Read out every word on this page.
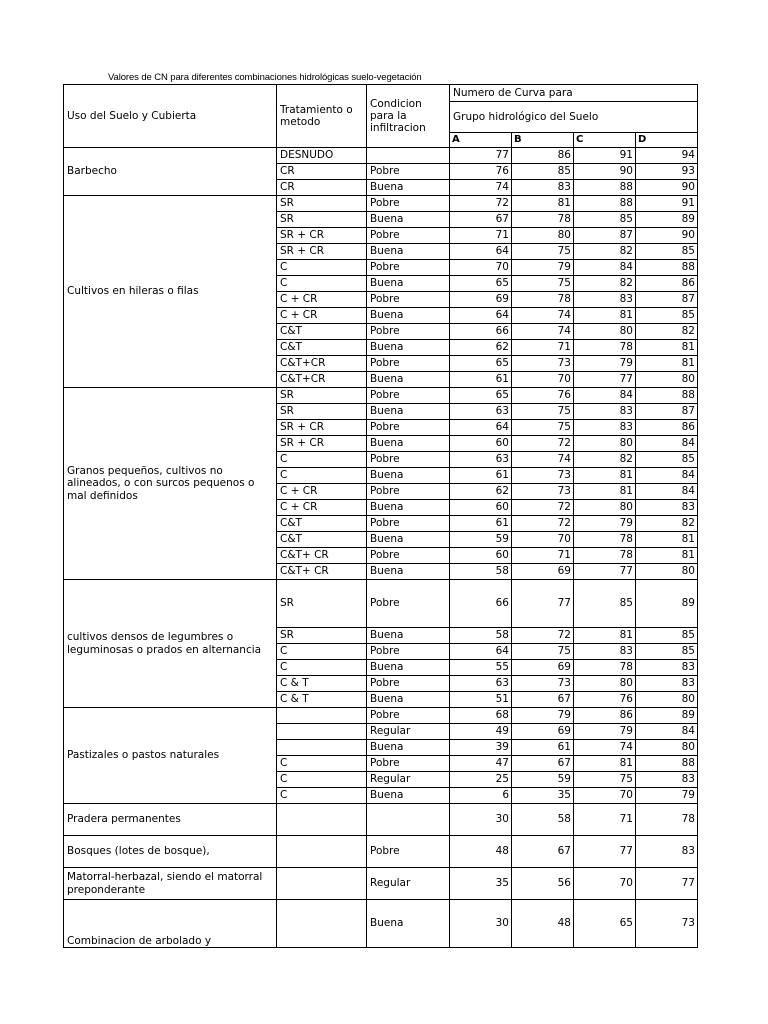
Valores de CN para diferentes combinaciones hidrológicas suelo-vegetación
Uso del Suelo y Cubierta	Tratamiento o metodo	Condicion para la infiltracion	Numero de Curva para			
			Grupo hidrológico del Suelo			
			A	B	C	D
Barbecho	DESNUDO		77	86	91	94
	CR	Pobre	76	85	90	93
	CR	Buena	74	83	88	90
Cultivos en hileras o filas	SR	Pobre	72	81	88	91
	SR	Buena	67	78	85	89
	SR + CR	Pobre	71	80	87	90
	SR + CR	Buena	64	75	82	85
	C	Pobre	70	79	84	88
	C	Buena	65	75	82	86
	C + CR	Pobre	69	78	83	87
	C + CR	Buena	64	74	81	85
	C&T	Pobre	66	74	80	82
	C&T	Buena	62	71	78	81
	C&T+CR	Pobre	65	73	79	81
	C&T+CR	Buena	61	70	77	80
Granos pequeños, cultivos no alineados, o con surcos pequenos o mal definidos	SR	Pobre	65	76	84	88
	SR	Buena	63	75	83	87
	SR + CR	Pobre	64	75	83	86
	SR + CR	Buena	60	72	80	84
	C	Pobre	63	74	82	85
	C	Buena	61	73	81	84
	C + CR	Pobre	62	73	81	84
	C + CR	Buena	60	72	80	83
	C&T	Pobre	61	72	79	82
	C&T	Buena	59	70	78	81
	C&T+ CR	Pobre	60	71	78	81
	C&T+ CR	Buena	58	69	77	80
cultivos densos de legumbres o leguminosas o prados en alternancia	SR	Pobre	66	77	85	89
	SR	Buena	58	72	81	85
	C	Pobre	64	75	83	85
	C	Buena	55	69	78	83
	C & T	Pobre	63	73	80	83
	C & T	Buena	51	67	76	80
Pastizales o pastos naturales		Pobre	68	79	86	89
		Regular	49	69	79	84
		Buena	39	61	74	80
	C	Pobre	47	67	81	88
	C	Regular	25	59	75	83
	C	Buena	6	35	70	79
Pradera permanentes			30	58	71	78
Bosques (lotes de bosque),		Pobre	48	67	77	83
Matorral-herbazal, siendo el matorral preponderante		Regular	35	56	70	77
Combinacion de arbolado y		Buena	30	48	65	73
